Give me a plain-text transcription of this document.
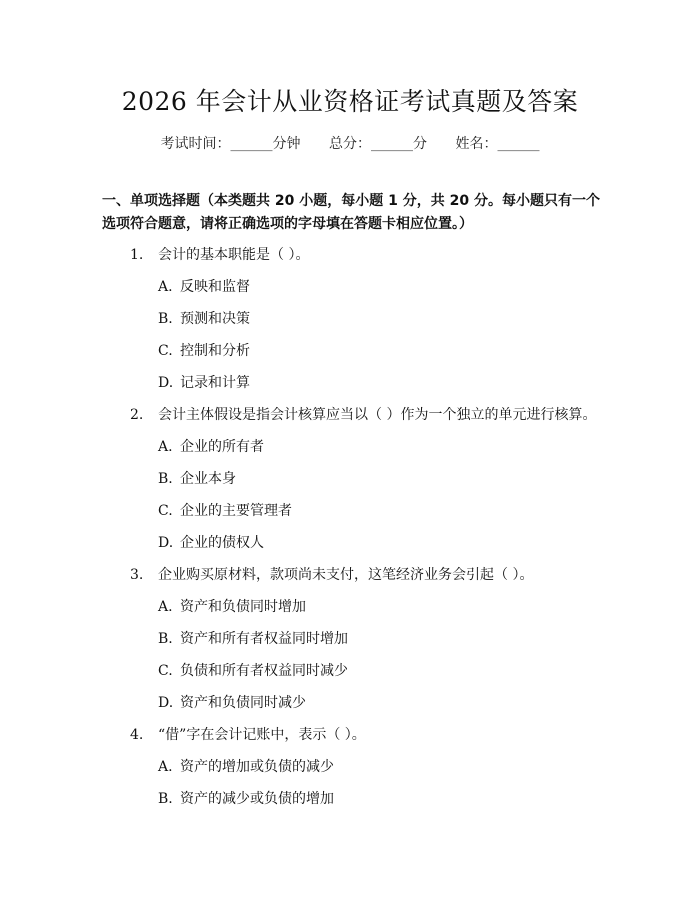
2026 年会计从业资格证考试真题及答案
考试时间：______分钟 总分：______分 姓名：______
一、单项选择题（本类题共 20 小题，每小题 1 分，共 20 分。每小题只有一个选项符合题意，请将正确选项的字母填在答题卡相应位置。）
1. 会计的基本职能是（ ）。
A. 反映和监督
B. 预测和决策
C. 控制和分析
D. 记录和计算
2. 会计主体假设是指会计核算应当以（ ）作为一个独立的单元进行核算。
A. 企业的所有者
B. 企业本身
C. 企业的主要管理者
D. 企业的债权人
3. 企业购买原材料，款项尚未支付，这笔经济业务会引起（ ）。
A. 资产和负债同时增加
B. 资产和所有者权益同时增加
C. 负债和所有者权益同时减少
D. 资产和负债同时减少
4. “借”字在会计记账中，表示（ ）。
A. 资产的增加或负债的减少
B. 资产的减少或负债的增加
